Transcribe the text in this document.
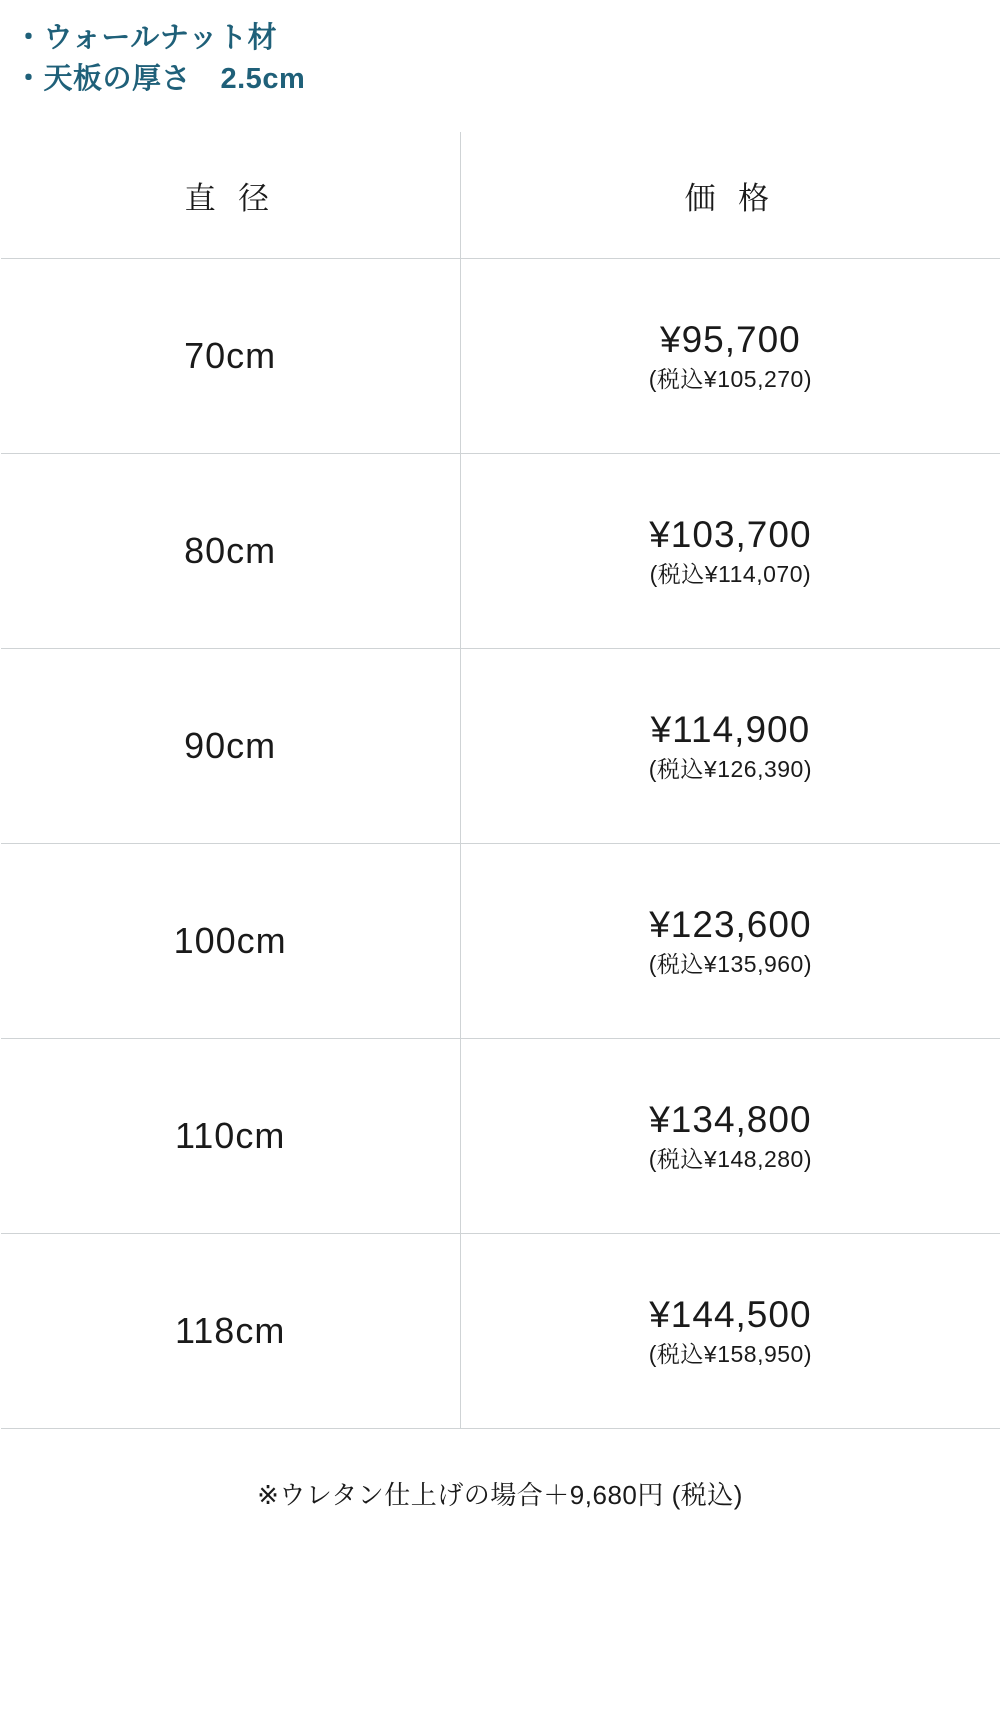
・ウォールナット材
・天板の厚さ　2.5cm
直 径	価 格

70cm	¥95,700
(税込¥105,270)

80cm	¥103,700
(税込¥114,070)

90cm	¥114,900
(税込¥126,390)

100cm	¥123,600
(税込¥135,960)

110cm	¥134,800
(税込¥148,280)

118cm	¥144,500
(税込¥158,950)
※ウレタン仕上げの場合＋9,680円 (税込)
